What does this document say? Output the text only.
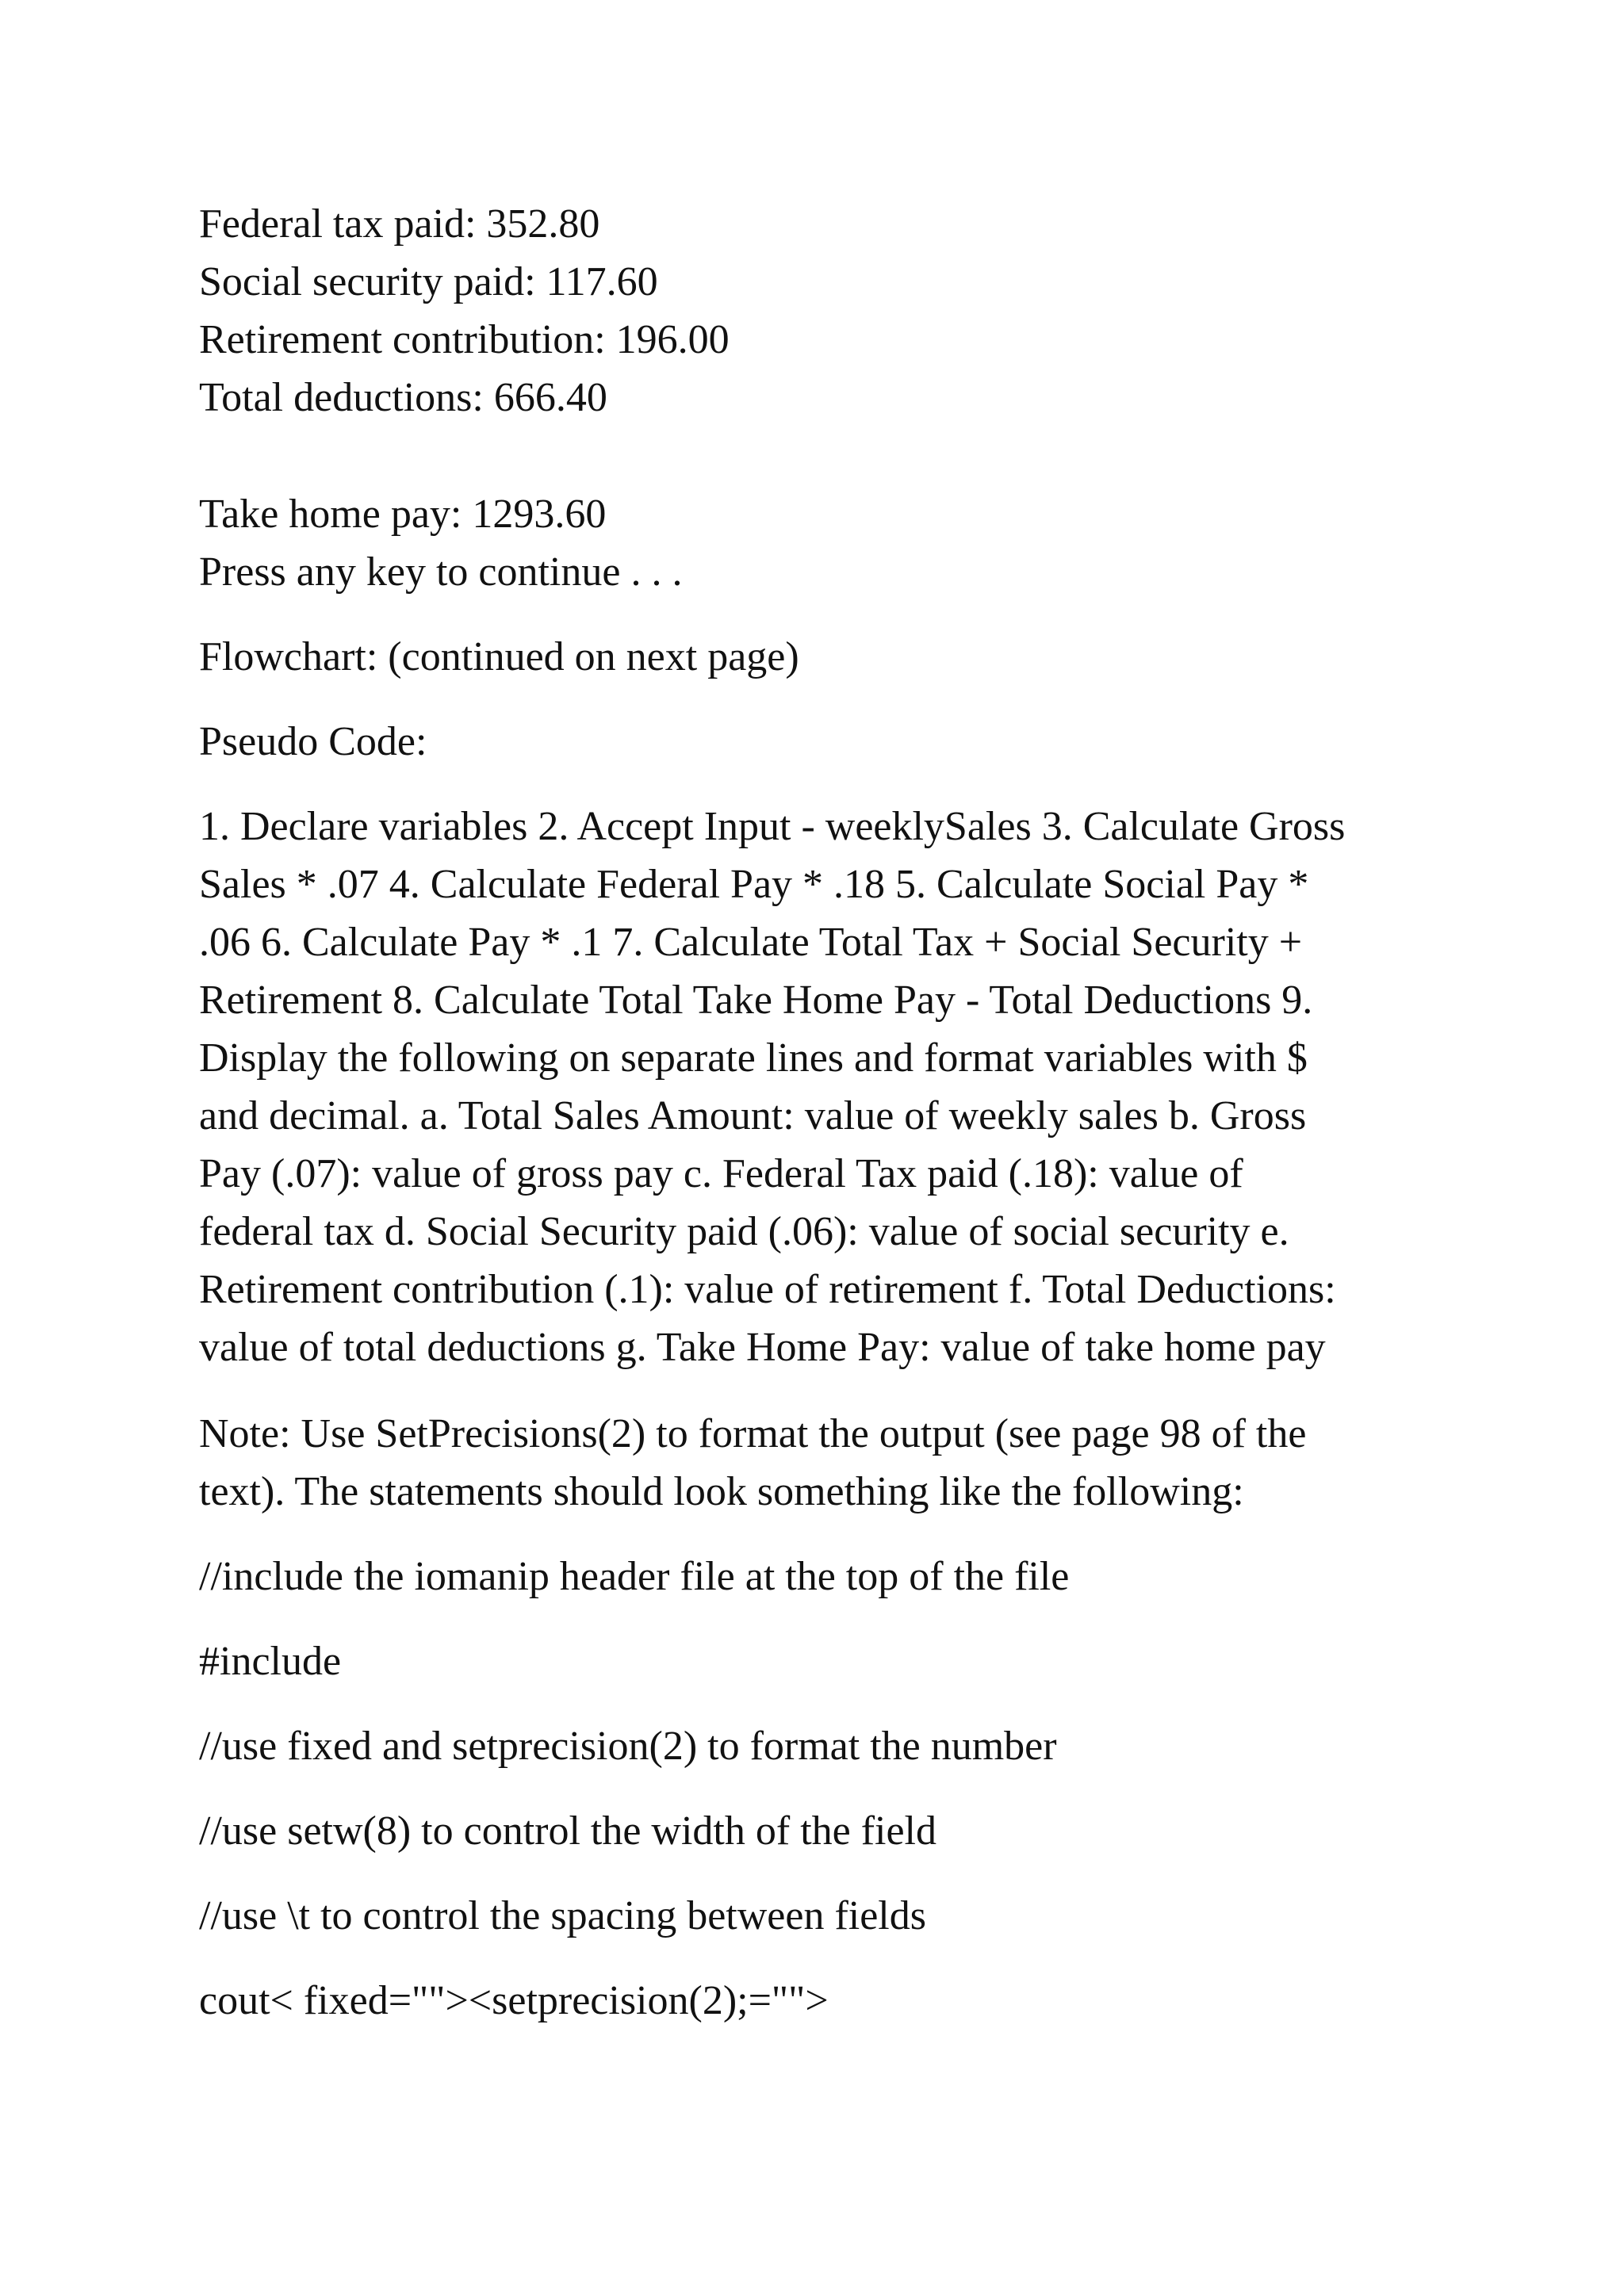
Federal tax paid: 352.80

Social security paid: 117.60

Retirement contribution: 196.00

Total deductions: 666.40

Take home pay: 1293.60

Press any key to continue . . .

Flowchart: (continued on next page)

Pseudo Code:

1. Declare variables 2. Accept Input - weeklySales 3. Calculate Gross
Sales * .07 4. Calculate Federal Pay * .18 5. Calculate Social Pay *
.06 6. Calculate Pay * .1 7. Calculate Total Tax + Social Security +
Retirement 8. Calculate Total Take Home Pay - Total Deductions 9.
Display the following on separate lines and format variables with $
and decimal. a. Total Sales Amount: value of weekly sales b. Gross
Pay (.07): value of gross pay c. Federal Tax paid (.18): value of
federal tax d. Social Security paid (.06): value of social security e.
Retirement contribution (.1): value of retirement f. Total Deductions:
value of total deductions g. Take Home Pay: value of take home pay
Note: Use SetPrecisions(2) to format the output (see page 98 of the
text). The statements should look something like the following:

//include the iomanip header file at the top of the file

#include

//use fixed and setprecision(2) to format the number

//use setw(8) to control the width of the field

//use \t to control the spacing between fields

cout< fixed=""><setprecision(2);="">
